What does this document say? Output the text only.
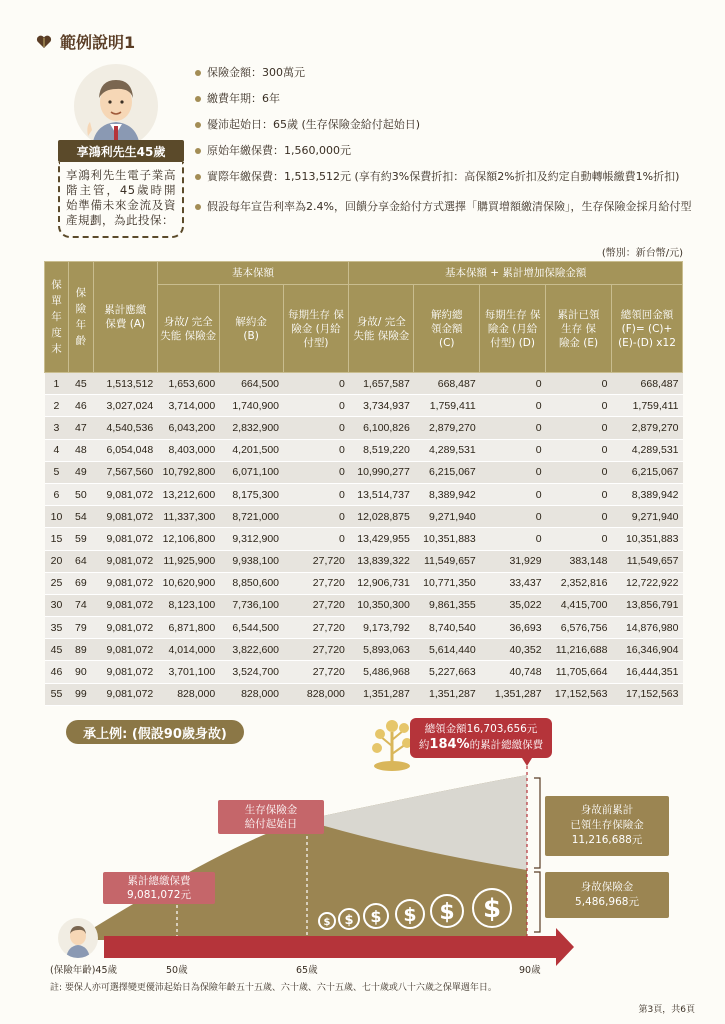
範例說明1
享鴻利先生45歲
享鴻利先生電子業高階主管，45歲時開始準備未來金流及資產規劃，為此投保：
保險金額：300萬元
繳費年期：6年
優沛起始日：65歲 (生存保險金給付起始日)
原始年繳保費：1,560,000元
實際年繳保費：1,513,512元 (享有約3%保費折扣：高保額2%折扣及約定自動轉帳繳費1%折扣)
假設每年宣告利率為2.4%，回饋分享金給付方式選擇「購買增額繳清保險」，生存保險金採月給付型
(幣別：新台幣/元)
保單年度末	保險年齡	累計應繳保費 (A)	基本保額			基本保額 + 累計增加保險金額				

			身故/ 完全失能 保險金	解約金 (B)	每期生存 保險金 (月給付型)	身故/ 完全失能 保險金	解約總 領金額 (C)	每期生存 保險金 (月給付型) (D)	累計已領 生存 保險金 (E)	總領回金額 (F)= (C)+(E)-(D) x12

1	45	1,513,512	1,653,600	664,500	0	1,657,587	668,487	0	0	668,487
2	46	3,027,024	3,714,000	1,740,900	0	3,734,937	1,759,411	0	0	1,759,411
3	47	4,540,536	6,043,200	2,832,900	0	6,100,826	2,879,270	0	0	2,879,270
4	48	6,054,048	8,403,000	4,201,500	0	8,519,220	4,289,531	0	0	4,289,531
5	49	7,567,560	10,792,800	6,071,100	0	10,990,277	6,215,067	0	0	6,215,067
6	50	9,081,072	13,212,600	8,175,300	0	13,514,737	8,389,942	0	0	8,389,942
10	54	9,081,072	11,337,300	8,721,000	0	12,028,875	9,271,940	0	0	9,271,940
15	59	9,081,072	12,106,800	9,312,900	0	13,429,955	10,351,883	0	0	10,351,883
20	64	9,081,072	11,925,900	9,938,100	27,720	13,839,322	11,549,657	31,929	383,148	11,549,657
25	69	9,081,072	10,620,900	8,850,600	27,720	12,906,731	10,771,350	33,437	2,352,816	12,722,922
30	74	9,081,072	8,123,100	7,736,100	27,720	10,350,300	9,861,355	35,022	4,415,700	13,856,791
35	79	9,081,072	6,871,800	6,544,500	27,720	9,173,792	8,740,540	36,693	6,576,756	14,876,980
45	89	9,081,072	4,014,000	3,822,600	27,720	5,893,063	5,614,440	40,352	11,216,688	16,346,904
46	90	9,081,072	3,701,100	3,524,700	27,720	5,486,968	5,227,663	40,748	11,705,664	16,444,351
55	99	9,081,072	828,000	828,000	828,000	1,351,287	1,351,287	1,351,287	17,152,563	17,152,563
承上例: (假設90歲身故)
$ $ $ $ $ $
總領金額16,703,656元
約184%的累計總繳保費
生存保險金
給付起始日
累計總繳保費
9,081,072元
身故前累計
已領生存保險金
11,216,688元
身故保險金
5,486,968元
(保險年齡)45歲	50歲	65歲	90歲
註: 要保人亦可選擇變更優沛起始日為保險年齡五十五歲、六十歲、六十五歲、七十歲或八十六歲之保單週年日。
第3頁，共6頁
